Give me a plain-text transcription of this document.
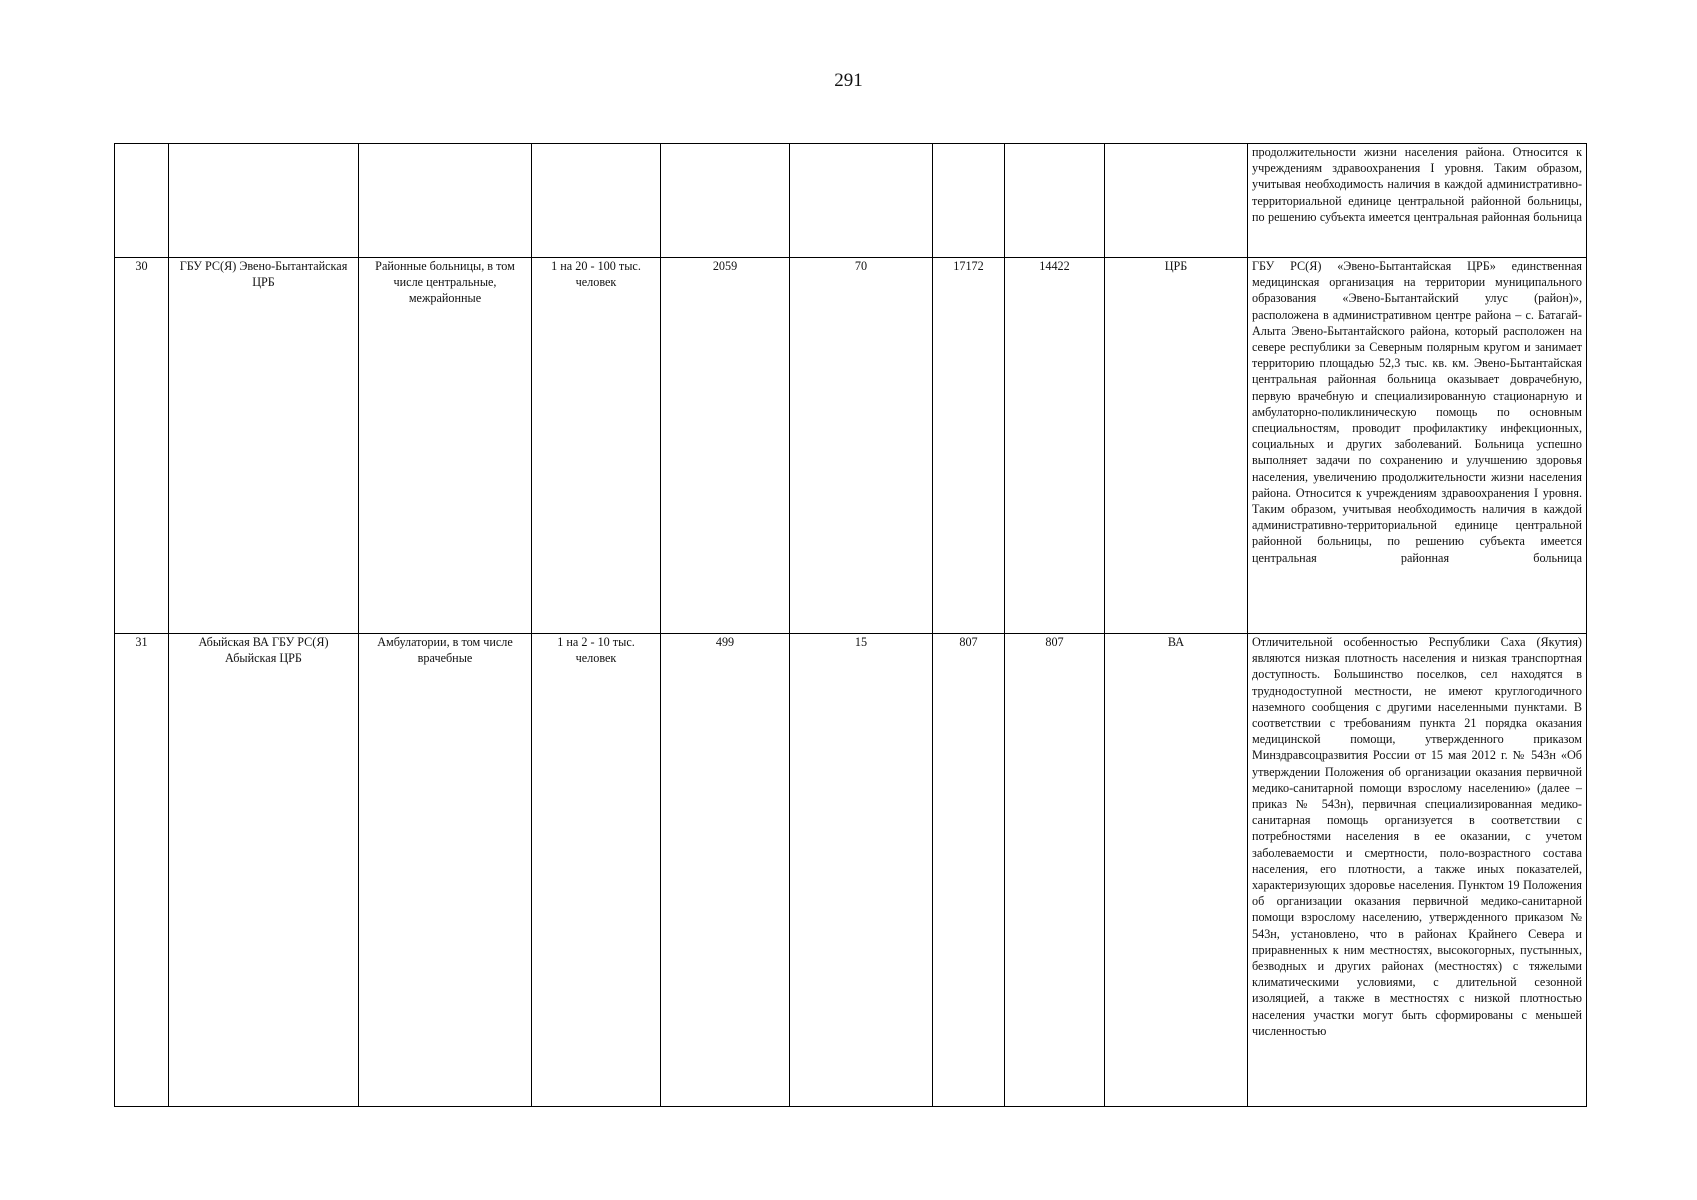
291
									продолжительности жизни населения района. Относится к учреждениям здравоохранения I уровня. Таким образом, учитывая необходимость наличия в каждой административно-территориальной единице центральной районной больницы, по решению субъекта имеется центральная районная больница
30	ГБУ РС(Я) Эвено-Бытантайская ЦРБ	Районные больницы, в том числе центральные, межрайонные	1 на 20 - 100 тыс. человек	2059	70	17172	14422	ЦРБ	ГБУ РС(Я) «Эвено-Бытантайская ЦРБ» единственная медицинская организация на территории муниципального образования «Эвено-Бытантайский улус (район)», расположена в административном центре района – с. Батагай-Алыта Эвено-Бытантайского района, который расположен на севере республики за Северным полярным кругом и занимает территорию площадью 52,3 тыс. кв. км. Эвено-Бытантайская центральная районная больница оказывает доврачебную, первую врачебную и специализированную стационарную и амбулаторно-поликлиническую помощь по основным специальностям, проводит профилактику инфекционных, социальных и других заболеваний. Больница успешно выполняет задачи по сохранению и улучшению здоровья населения, увеличению продолжительности жизни населения района. Относится к учреждениям здравоохранения I уровня. Таким образом, учитывая необходимость наличия в каждой административно-территориальной единице центральной районной больницы, по решению субъекта имеется центральная районная больница
31	Абыйская ВА ГБУ РС(Я) Абыйская ЦРБ	Амбулатории, в том числе врачебные	1 на 2 - 10 тыс. человек	499	15	807	807	ВА	Отличительной особенностью Республики Саха (Якутия) являются низкая плотность населения и низкая транспортная доступность. Большинство поселков, сел находятся в труднодоступной местности, не имеют круглогодичного наземного сообщения с другими населенными пунктами. В соответствии с требованиям пункта 21 порядка оказания медицинской помощи, утвержденного приказом Минздравсоцразвития России от 15 мая 2012 г. № 543н «Об утверждении Положения об организации оказания первичной медико-санитарной помощи взрослому населению» (далее – приказ № 543н), первичная специализированная медико-санитарная помощь организуется в соответствии с потребностями населения в ее оказании, с учетом заболеваемости и смертности, поло-возрастного состава населения, его плотности, а также иных показателей, характеризующих здоровье населения. Пунктом 19 Положения об организации оказания первичной медико-санитарной помощи взрослому населению, утвержденного приказом № 543н, установлено, что в районах Крайнего Севера и приравненных к ним местностях, высокогорных, пустынных, безводных и других районах (местностях) с тяжелыми климатическими условиями, с длительной сезонной изоляцией, а также в местностях с низкой плотностью населения участки могут быть сформированы с меньшей численностью
